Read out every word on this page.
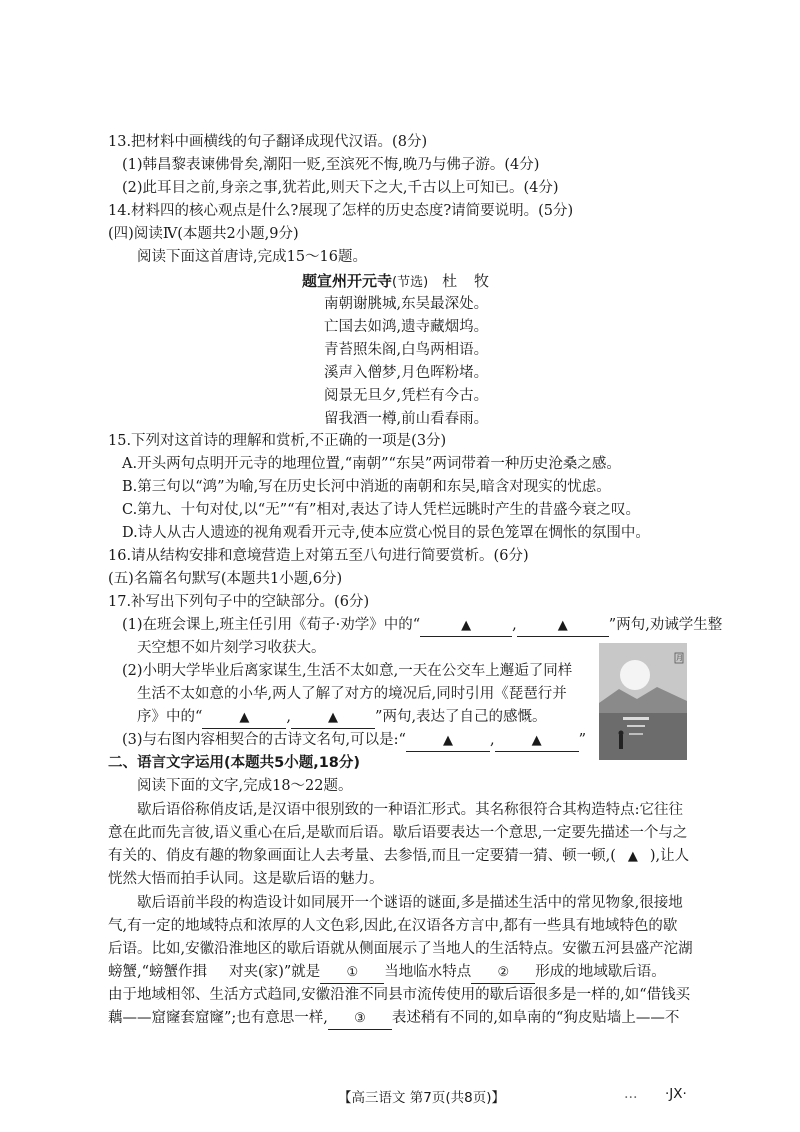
13.把材料中画横线的句子翻译成现代汉语。(8分)
(1)韩昌黎表谏佛骨矣,潮阳一贬,至滨死不悔,晚乃与佛子游。(4分)
(2)此耳目之前,身亲之事,犹若此,则天下之大,千古以上可知已。(4分)
14.材料四的核心观点是什么?展现了怎样的历史态度?请简要说明。(5分)
(四)阅读Ⅳ(本题共2小题,9分)
阅读下面这首唐诗,完成15～16题。
题宣州开元寺(节选) 杜 牧
南朝谢朓城,东吴最深处。
亡国去如鸿,遗寺藏烟坞。
青苔照朱阁,白鸟两相语。
溪声入僧梦,月色晖粉堵。
阅景无旦夕,凭栏有今古。
留我酒一樽,前山看春雨。
15.下列对这首诗的理解和赏析,不正确的一项是(3分)
A.开头两句点明开元寺的地理位置,“南朝”“东吴”两词带着一种历史沧桑之感。
B.第三句以“鸿”为喻,写在历史长河中消逝的南朝和东吴,暗含对现实的忧虑。
C.第九、十句对仗,以“无”“有”相对,表达了诗人凭栏远眺时产生的昔盛今衰之叹。
D.诗人从古人遗迹的视角观看开元寺,使本应赏心悦目的景色笼罩在惆怅的氛围中。
16.请从结构安排和意境营造上对第五至八句进行简要赏析。(6分)
(五)名篇名句默写(本题共1小题,6分)
17.补写出下列句子中的空缺部分。(6分)
(1)在班会课上,班主任引用《荀子·劝学》中的“	▲	,	▲	”两句,劝诫学生整
天空想不如片刻学习收获大。
(2)小明大学毕业后离家谋生,生活不太如意,一天在公交车上邂逅了同样
生活不太如意的小华,两人了解了对方的境况后,同时引用《琵琶行并
序》中的“	▲	,	▲	”两句,表达了自己的感慨。
(3)与右图内容相契合的古诗文名句,可以是:“	▲	,	▲	”
月
二、语言文字运用(本题共5小题,18分)
阅读下面的文字,完成18～22题。
歇后语俗称俏皮话,是汉语中很别致的一种语汇形式。其名称很符合其构造特点:它往往
意在此而先言彼,语义重心在后,是歇而后语。歇后语要表达一个意思,一定要先描述一个与之
有关的、俏皮有趣的物象画面让人去考量、去参悟,而且一定要猜一猜、顿一顿,( ▲ ),让人
恍然大悟而拍手认同。这是歇后语的魅力。
歇后语前半段的构造设计如同展开一个谜语的谜面,多是描述生活中的常见物象,很接地
气,有一定的地域特点和浓厚的人文色彩,因此,在汉语各方言中,都有一些具有地域特色的歇
后语。比如,安徽沿淮地区的歇后语就从侧面展示了当地人的生活特点。安徽五河县盛产沱湖
螃蟹,“螃蟹作揖 对夹(家)”就是 ① 当地临水特点 ② 形成的地域歇后语。
由于地域相邻、生活方式趋同,安徽沿淮不同县市流传使用的歇后语很多是一样的,如“借钱买
藕——窟窿套窟窿”;也有意思一样, ③ 表述稍有不同的,如阜南的“狗皮贴墙上——不
【高三语文 第7页(共8页)】	… ·JX·
